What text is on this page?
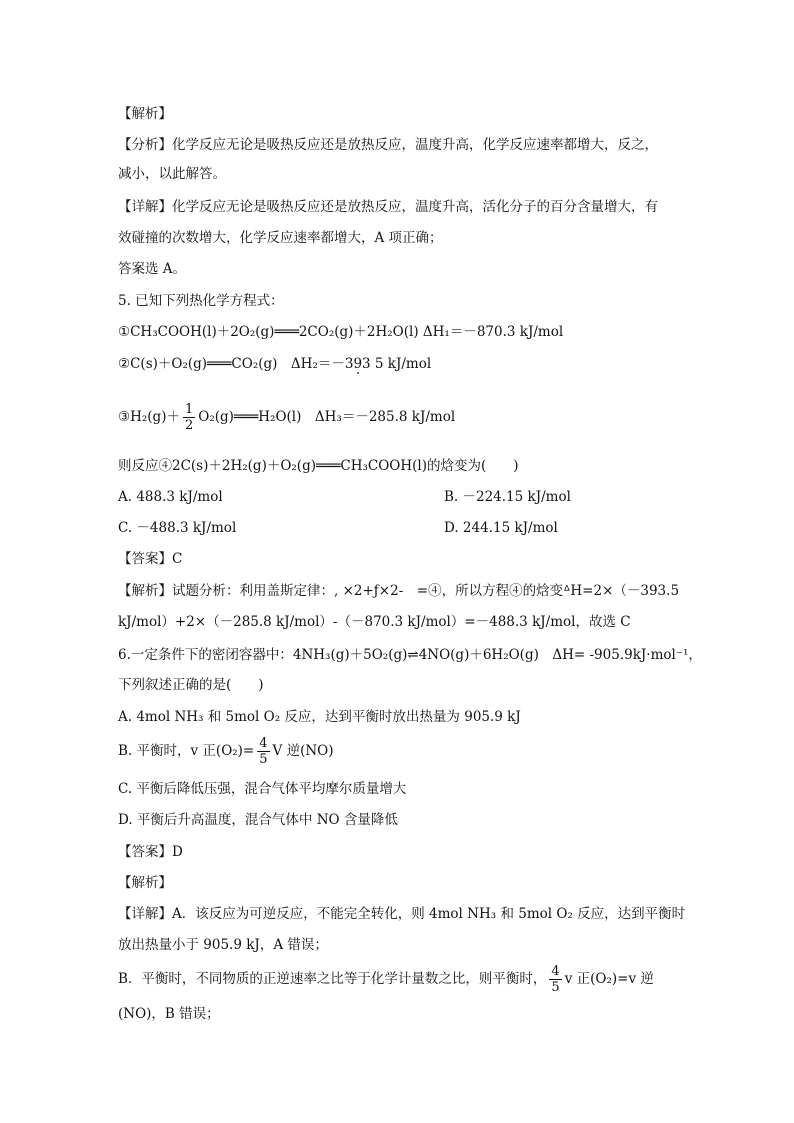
【解析】
【分析】化学反应无论是吸热反应还是放热反应，温度升高，化学反应速率都增大，反之，
减小，以此解答。
【详解】化学反应无论是吸热反应还是放热反应，温度升高，活化分子的百分含量增大，有
效碰撞的次数增大，化学反应速率都增大，A 项正确；
答案选 A。
5. 已知下列热化学方程式：
①CH₃COOH(l)＋2O₂(g)═══2CO₂(g)＋2H₂O(l) ΔH₁＝－870.3 kJ/mol
②C(s)＋O₂(g)═══CO₂(g)　ΔH₂＝－393 5 kJ/mol
③H₂(g)＋ $\frac{1}{2}$ O₂(g)═══H₂O(l)　ΔH₃＝－285.8 kJ/mol
则反应④2C(s)＋2H₂(g)＋O₂(g)═══CH₃COOH(l)的焓变为(　　)
A. 488.3 kJ/mol	B. －224.15 kJ/mol
C. －488.3 kJ/mol	D. 244.15 kJ/mol
【答案】C
【解析】试题分析：利用盖斯定律：, ×2+ƒ×2-　=④，所以方程④的焓变ᐞH=2×（－393.5
kJ/mol）+2×（－285.8 kJ/mol）-（－870.3 kJ/mol）=－488.3 kJ/mol，故选 C
6.一定条件下的密闭容器中：4NH₃(g)＋5O₂(g)⇌4NO(g)＋6H₂O(g)　ΔH= -905.9kJ·mol⁻¹，
下列叙述正确的是(　　)
A. 4mol NH₃ 和 5mol O₂ 反应，达到平衡时放出热量为 905.9 kJ
B. 平衡时，v 正$(O_2)= \frac{4}{5}$ V 逆(NO)
C. 平衡后降低压强，混合气体平均摩尔质量增大
D. 平衡后升高温度，混合气体中 NO 含量降低
【答案】D
【解析】
【详解】A．该反应为可逆反应，不能完全转化，则 4mol NH₃ 和 5mol O₂ 反应，达到平衡时
放出热量小于 905.9 kJ，A 错误；
B．平衡时，不同物质的正逆速率之比等于化学计量数之比，则平衡时， $\frac{4}{5}$ v 正(O₂)=v 逆
(NO)，B 错误；
